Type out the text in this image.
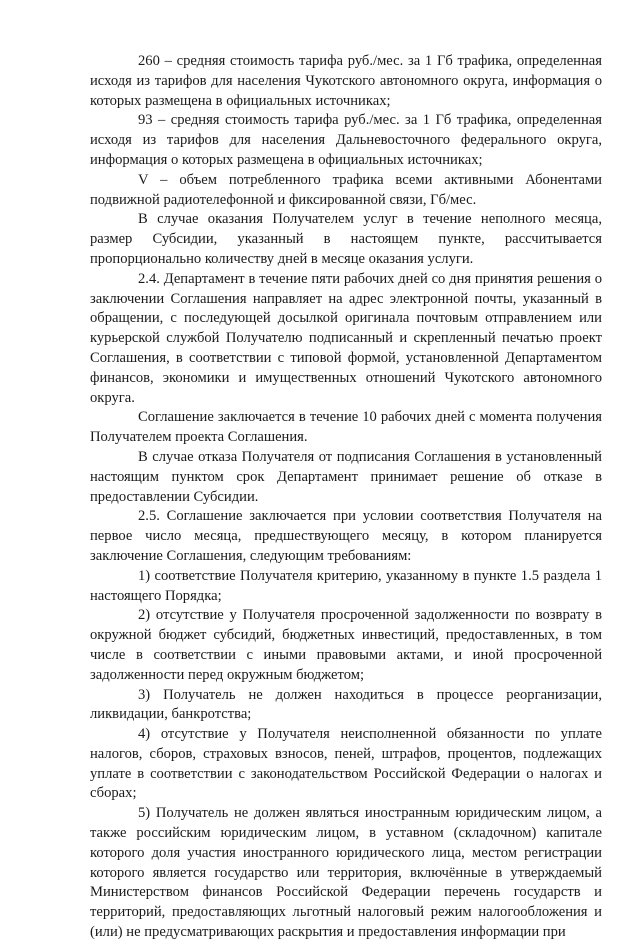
260 – средняя стоимость тарифа руб./мес. за 1 Гб трафика, определенная исходя из тарифов для населения Чукотского автономного округа, информация о которых размещена в официальных источниках;

93 – средняя стоимость тарифа руб./мес. за 1 Гб трафика, определенная исходя из тарифов для населения Дальневосточного федерального округа, информация о которых размещена в официальных источниках;

V – объем потребленного трафика всеми активными Абонентами подвижной радиотелефонной и фиксированной связи, Гб/мес.

В случае оказания Получателем услуг в течение неполного месяца, размер Субсидии, указанный в настоящем пункте, рассчитывается пропорционально количеству дней в месяце оказания услуги.

2.4. Департамент в течение пяти рабочих дней со дня принятия решения о заключении Соглашения направляет на адрес электронной почты, указанный в обращении, с последующей досылкой оригинала почтовым отправлением или курьерской службой Получателю подписанный и скрепленный печатью проект Соглашения, в соответствии с типовой формой, установленной Департаментом финансов, экономики и имущественных отношений Чукотского автономного округа.

Соглашение заключается в течение 10 рабочих дней с момента получения Получателем проекта Соглашения.

В случае отказа Получателя от подписания Соглашения в установленный настоящим пунктом срок Департамент принимает решение об отказе в предоставлении Субсидии.

2.5. Соглашение заключается при условии соответствия Получателя на первое число месяца, предшествующего месяцу, в котором планируется заключение Соглашения, следующим требованиям:

1) соответствие Получателя критерию, указанному в пункте 1.5 раздела 1 настоящего Порядка;

2) отсутствие у Получателя просроченной задолженности по возврату в окружной бюджет субсидий, бюджетных инвестиций, предоставленных, в том числе в соответствии с иными правовыми актами, и иной просроченной задолженности перед окружным бюджетом;

3) Получатель не должен находиться в процессе реорганизации, ликвидации, банкротства;

4) отсутствие у Получателя неисполненной обязанности по уплате налогов, сборов, страховых взносов, пеней, штрафов, процентов, подлежащих уплате в соответствии с законодательством Российской Федерации о налогах и сборах;

5) Получатель не должен являться иностранным юридическим лицом, а также российским юридическим лицом, в уставном (складочном) капитале которого доля участия иностранного юридического лица, местом регистрации которого является государство или территория, включённые в утверждаемый Министерством финансов Российской Федерации перечень государств и территорий, предоставляющих льготный налоговый режим налогообложения и (или) не предусматривающих раскрытия и предоставления информации при
